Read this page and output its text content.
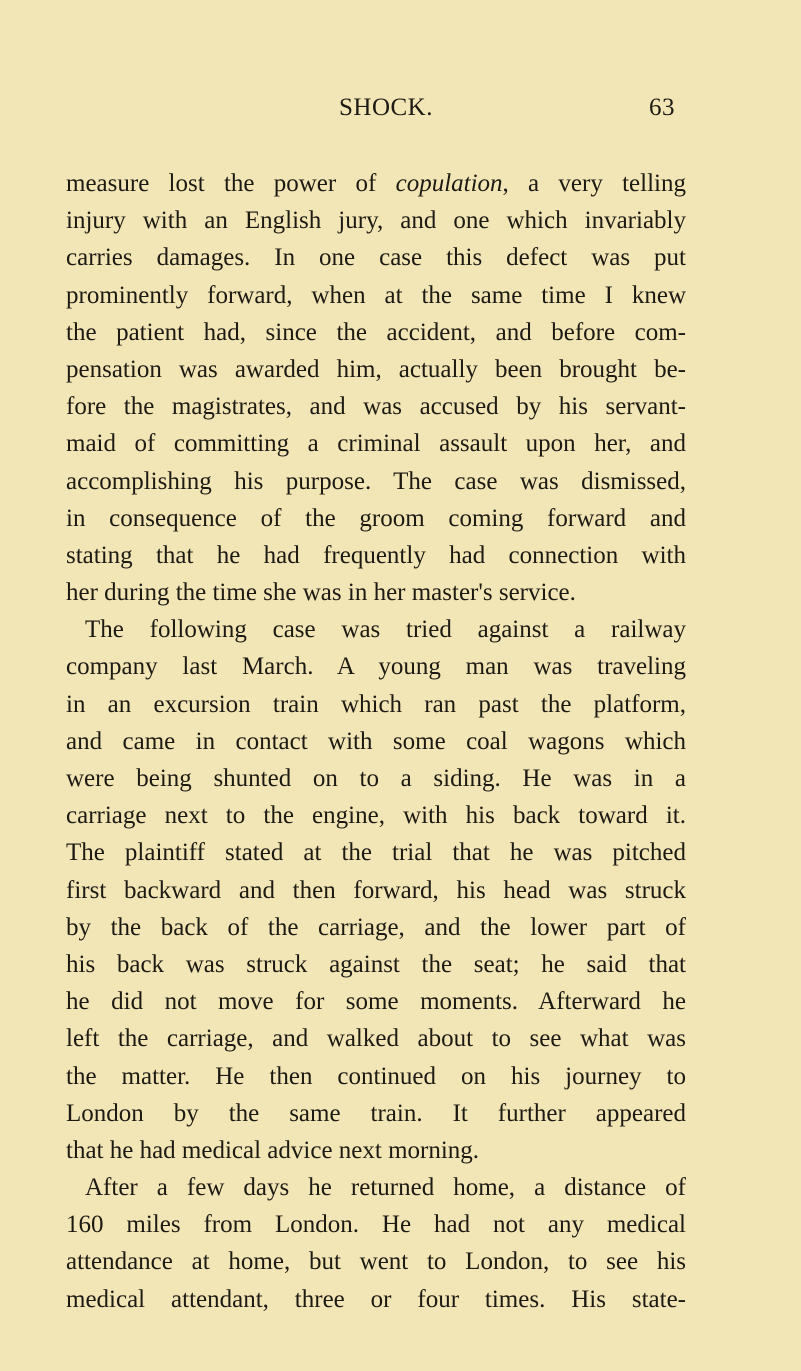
SHOCK.	63
measure lost the power of copulation, a very telling
injury with an English jury, and one which invariably
carries damages. In one case this defect was put
prominently forward, when at the same time I knew
the patient had, since the accident, and before com-
pensation was awarded him, actually been brought be-
fore the magistrates, and was accused by his servant-
maid of committing a criminal assault upon her, and
accomplishing his purpose. The case was dismissed,
in consequence of the groom coming forward and
stating that he had frequently had connection with
her during the time she was in her master's service.
The following case was tried against a railway
company last March. A young man was traveling
in an excursion train which ran past the platform,
and came in contact with some coal wagons which
were being shunted on to a siding. He was in a
carriage next to the engine, with his back toward it.
The plaintiff stated at the trial that he was pitched
first backward and then forward, his head was struck
by the back of the carriage, and the lower part of
his back was struck against the seat; he said that
he did not move for some moments. Afterward he
left the carriage, and walked about to see what was
the matter. He then continued on his journey to
London by the same train. It further appeared
that he had medical advice next morning.
After a few days he returned home, a distance of
160 miles from London. He had not any medical
attendance at home, but went to London, to see his
medical attendant, three or four times. His state-
